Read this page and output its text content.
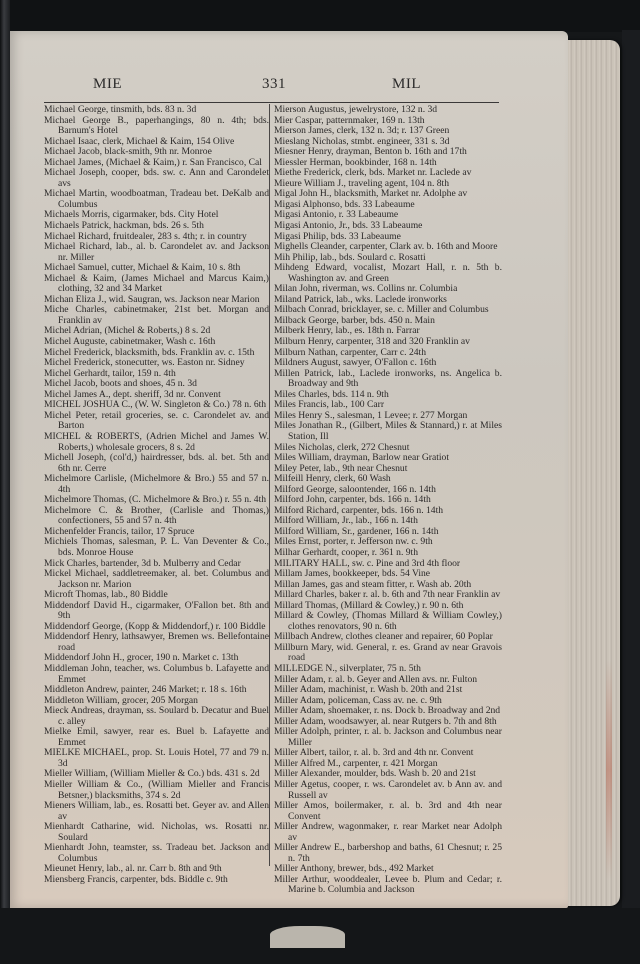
MIE	331	MIL

Michael George, tinsmith, bds. 83 n. 3d

Michael George B., paperhangings, 80 n. 4th; bds. Barnum's Hotel

Michael Isaac, clerk, Michael & Kaim, 154 Olive

Michael Jacob, black-smith, 9th nr. Monroe

Michael James, (Michael & Kaim,) r. San Francisco, Cal

Michael Joseph, cooper, bds. sw. c. Ann and Carondelet avs

Michael Martin, woodboatman, Tradeau bet. DeKalb and Columbus

Michaels Morris, cigarmaker, bds. City Hotel

Michaels Patrick, hackman, bds. 26 s. 5th

Michael Richard, fruitdealer, 283 s. 4th; r. in country

Michael Richard, lab., al. b. Carondelet av. and Jackson nr. Miller

Michael Samuel, cutter, Michael & Kaim, 10 s. 8th

Michael & Kaim, (James Michael and Marcus Kaim,) clothing, 32 and 34 Market

Michan Eliza J., wid. Saugran, ws. Jackson near Marion

Miche Charles, cabinetmaker, 21st bet. Morgan and Franklin av

Michel Adrian, (Michel & Roberts,) 8 s. 2d

Michel Auguste, cabinetmaker, Wash c. 16th

Michel Frederick, blacksmith, bds. Franklin av. c. 15th

Michel Frederick, stonecutter, ws. Easton nr. Sidney

Michel Gerhardt, tailor, 159 n. 4th

Michel Jacob, boots and shoes, 45 n. 3d

Michel James A., dept. sheriff, 3d nr. Convent

MICHEL JOSHUA C., (W. W. Singleton & Co.) 78 n. 6th

Michel Peter, retail groceries, se. c. Carondelet av. and Barton

MICHEL & ROBERTS, (Adrien Michel and James W. Roberts,) wholesale grocers, 8 s. 2d

Michell Joseph, (col'd,) hairdresser, bds. al. bet. 5th and 6th nr. Cerre

Michelmore Carlisle, (Michelmore & Bro.) 55 and 57 n. 4th

Michelmore Thomas, (C. Michelmore & Bro.) r. 55 n. 4th

Michelmore C. & Brother, (Carlisle and Thomas,) confectioners, 55 and 57 n. 4th

Michenfelder Francis, tailor, 17 Spruce

Michiels Thomas, salesman, P. L. Van Deventer & Co., bds. Monroe House

Mick Charles, bartender, 3d b. Mulberry and Cedar

Mickel Michael, saddletreemaker, al. bet. Columbus and Jackson nr. Marion

Microft Thomas, lab., 80 Biddle

Middendorf David H., cigarmaker, O'Fallon bet. 8th and 9th

Middendorf George, (Kopp & Middendorf,) r. 100 Biddle

Middendorf Henry, lathsawyer, Bremen ws. Bellefontaine road

Middendorf John H., grocer, 190 n. Market c. 13th

Middleman John, teacher, ws. Columbus b. Lafayette and Emmet

Middleton Andrew, painter, 246 Market; r. 18 s. 16th

Middleton William, grocer, 205 Morgan

Mieck Andreas, drayman, ss. Soulard b. Decatur and Buel c. alley

Mielke Emil, sawyer, rear es. Buel b. Lafayette and Emmet

MIELKE MICHAEL, prop. St. Louis Hotel, 77 and 79 n. 3d

Mieller William, (William Mieller & Co.) bds. 431 s. 2d

Mieller William & Co., (William Mieller and Francis Betsner,) blacksmiths, 374 s. 2d

Mieners William, lab., es. Rosatti bet. Geyer av. and Allen av

Mienhardt Catharine, wid. Nicholas, ws. Rosatti nr. Soulard

Mienhardt John, teamster, ss. Tradeau bet. Jackson and Columbus

Mieunet Henry, lab., al. nr. Carr b. 8th and 9th

Miensberg Francis, carpenter, bds. Biddle c. 9th

Mierson Augustus, jewelrystore, 132 n. 3d

Mier Caspar, patternmaker, 169 n. 13th

Mierson James, clerk, 132 n. 3d; r. 137 Green

Mieslang Nicholas, stmbt. engineer, 331 s. 3d

Miesner Henry, drayman, Benton b. 16th and 17th

Miessler Herman, bookbinder, 168 n. 14th

Miethe Frederick, clerk, bds. Market nr. Laclede av

Mieure William J., traveling agent, 104 n. 8th

Migal John H., blacksmith, Market nr. Adolphe av

Migasi Alphonso, bds. 33 Labeaume

Migasi Antonio, r. 33 Labeaume

Migasi Antonio, Jr., bds. 33 Labeaume

Migasi Philip, bds. 33 Labeaume

Mighells Cleander, carpenter, Clark av. b. 16th and Moore

Mih Philip, lab., bds. Soulard c. Rosatti

Mihdeng Edward, vocalist, Mozart Hall, r. n. 5th b. Washington av. and Green

Milan John, riverman, ws. Collins nr. Columbia

Miland Patrick, lab., wks. Laclede ironworks

Milbach Conrad, bricklayer, se. c. Miller and Columbus

Milback George, barber, bds. 450 n. Main

Milberk Henry, lab., es. 18th n. Farrar

Milburn Henry, carpenter, 318 and 320 Franklin av

Milburn Nathan, carpenter, Carr c. 24th

Mildners August, sawyer, O'Fallon c. 16th

Millen Patrick, lab., Laclede ironworks, ns. Angelica b. Broadway and 9th

Miles Charles, bds. 114 n. 9th

Miles Francis, lab., 100 Carr

Miles Henry S., salesman, 1 Levee; r. 277 Morgan

Miles Jonathan R., (Gilbert, Miles & Stannard,) r. at Miles Station, Ill

Miles Nicholas, clerk, 272 Chesnut

Miles William, drayman, Barlow near Gratiot

Miley Peter, lab., 9th near Chesnut

Milfeill Henry, clerk, 60 Wash

Milford George, saloontender, 166 n. 14th

Milford John, carpenter, bds. 166 n. 14th

Milford Richard, carpenter, bds. 166 n. 14th

Milford William, Jr., lab., 166 n. 14th

Milford William, Sr., gardener, 166 n. 14th

Miles Ernst, porter, r. Jefferson nw. c. 9th

Milhar Gerhardt, cooper, r. 361 n. 9th

MILITARY HALL, sw. c. Pine and 3rd 4th floor

Millam James, bookkeeper, bds. 54 Vine

Millan James, gas and steam fitter, r. Wash ab. 20th

Millard Charles, baker r. al. b. 6th and 7th near Franklin av

Millard Thomas, (Millard & Cowley,) r. 90 n. 6th

Millard & Cowley, (Thomas Millard & William Cowley,) clothes renovators, 90 n. 6th

Millbach Andrew, clothes cleaner and repairer, 60 Poplar

Millburn Mary, wid. General, r. es. Grand av near Gravois road

MILLEDGE N., silverplater, 75 n. 5th

Miller Adam, r. al. b. Geyer and Allen avs. nr. Fulton

Miller Adam, machinist, r. Wash b. 20th and 21st

Miller Adam, policeman, Cass av. ne. c. 9th

Miller Adam, shoemaker, r. ns. Dock b. Broadway and 2nd

Miller Adam, woodsawyer, al. near Rutgers b. 7th and 8th

Miller Adolph, printer, r. al. b. Jackson and Columbus near Miller

Miller Albert, tailor, r. al. b. 3rd and 4th nr. Convent

Miller Alfred M., carpenter, r. 421 Morgan

Miller Alexander, moulder, bds. Wash b. 20 and 21st

Miller Agetus, cooper, r. ws. Carondelet av. b Ann av. and Russell av

Miller Amos, boilermaker, r. al. b. 3rd and 4th near Convent

Miller Andrew, wagonmaker, r. rear Market near Adolph av

Miller Andrew E., barbershop and baths, 61 Chesnut; r. 25 n. 7th

Miller Anthony, brewer, bds., 492 Market

Miller Arthur, wooddealer, Levee b. Plum and Cedar; r. Marine b. Columbia and Jackson
